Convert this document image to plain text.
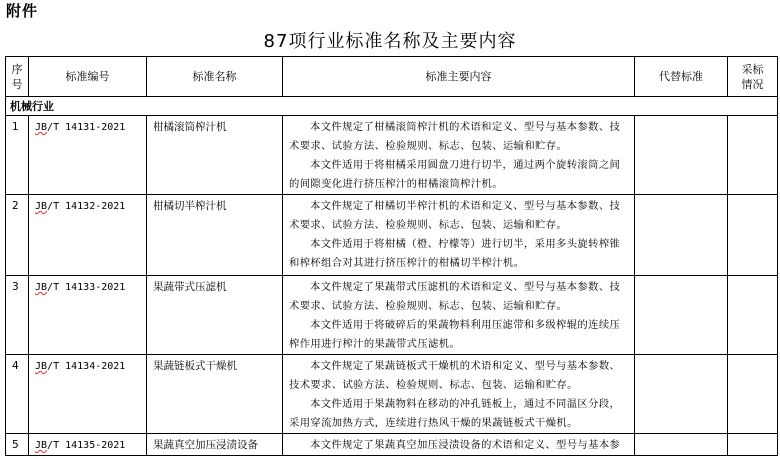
附件
87项行业标准名称及主要内容
序
号	标准编号	标准名称	标准主要内容	代替标准	采标
情况
机械行业					
1	JB/T 14131-2021	柑橘滚筒榨汁机	本文件规定了柑橘滚筒榨汁机的术语和定义、型号与基本参数、技术要求、试验方法、检验规则、标志、包装、运输和贮存。

本文件适用于将柑橘采用圆盘刀进行切半，通过两个旋转滚筒之间的间隙变化进行挤压榨汁的柑橘滚筒榨汁机。		

2	JB/T 14132-2021	柑橘切半榨汁机	本文件规定了柑橘切半榨汁机的术语和定义、型号与基本参数、技术要求、试验方法、检验规则、标志、包装、运输和贮存。

本文件适用于将柑橘（橙、柠檬等）进行切半，采用多头旋转榨锥和榨杯组合对其进行挤压榨汁的柑橘切半榨汁机。		

3	JB/T 14133-2021	果蔬带式压滤机	本文件规定了果蔬带式压滤机的术语和定义、型号与基本参数、技术要求、试验方法、检验规则、标志、包装、运输和贮存。

本文件适用于将破碎后的果蔬物料利用压滤带和多级榨辊的连续压榨作用进行榨汁的果蔬带式压滤机。		

4	JB/T 14134-2021	果蔬链板式干燥机	本文件规定了果蔬链板式干燥机的术语和定义、型号与基本参数、技术要求、试验方法、检验规则、标志、包装、运输和贮存。

本文件适用于果蔬物料在移动的冲孔链板上，通过不同温区分段，采用穿流加热方式，连续进行热风干燥的果蔬链板式干燥机。		

5	JB/T 14135-2021	果蔬真空加压浸渍设备	本文件规定了果蔬真空加压浸渍设备的术语和定义、型号与基本参		
